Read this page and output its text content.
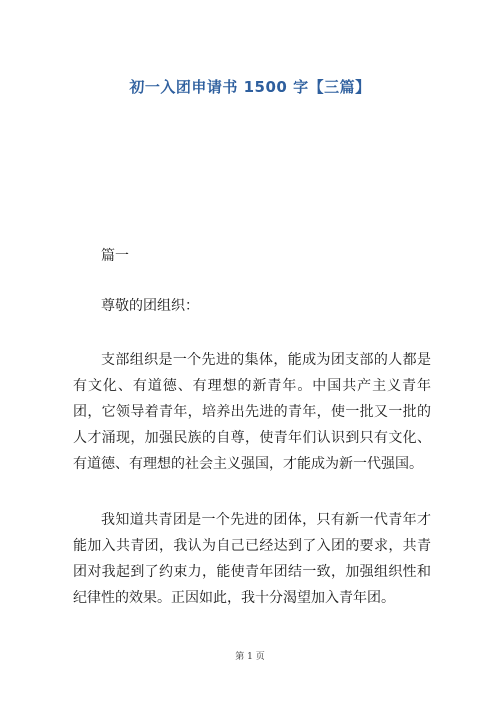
初一入团申请书 1500 字【三篇】
篇一
尊敬的团组织：

支部组织是一个先进的集体，能成为团支部的人都是有文化、有道德、有理想的新青年。中国共产主义青年团，它领导着青年，培养出先进的青年，使一批又一批的人才涌现，加强民族的自尊，使青年们认识到只有文化、有道德、有理想的社会主义强国，才能成为新一代强国。

我知道共青团是一个先进的团体，只有新一代青年才能加入共青团，我认为自己已经达到了入团的要求，共青团对我起到了约束力，能使青年团结一致，加强组织性和纪律性的效果。正因如此，我十分渴望加入青年团。

第 1 页
